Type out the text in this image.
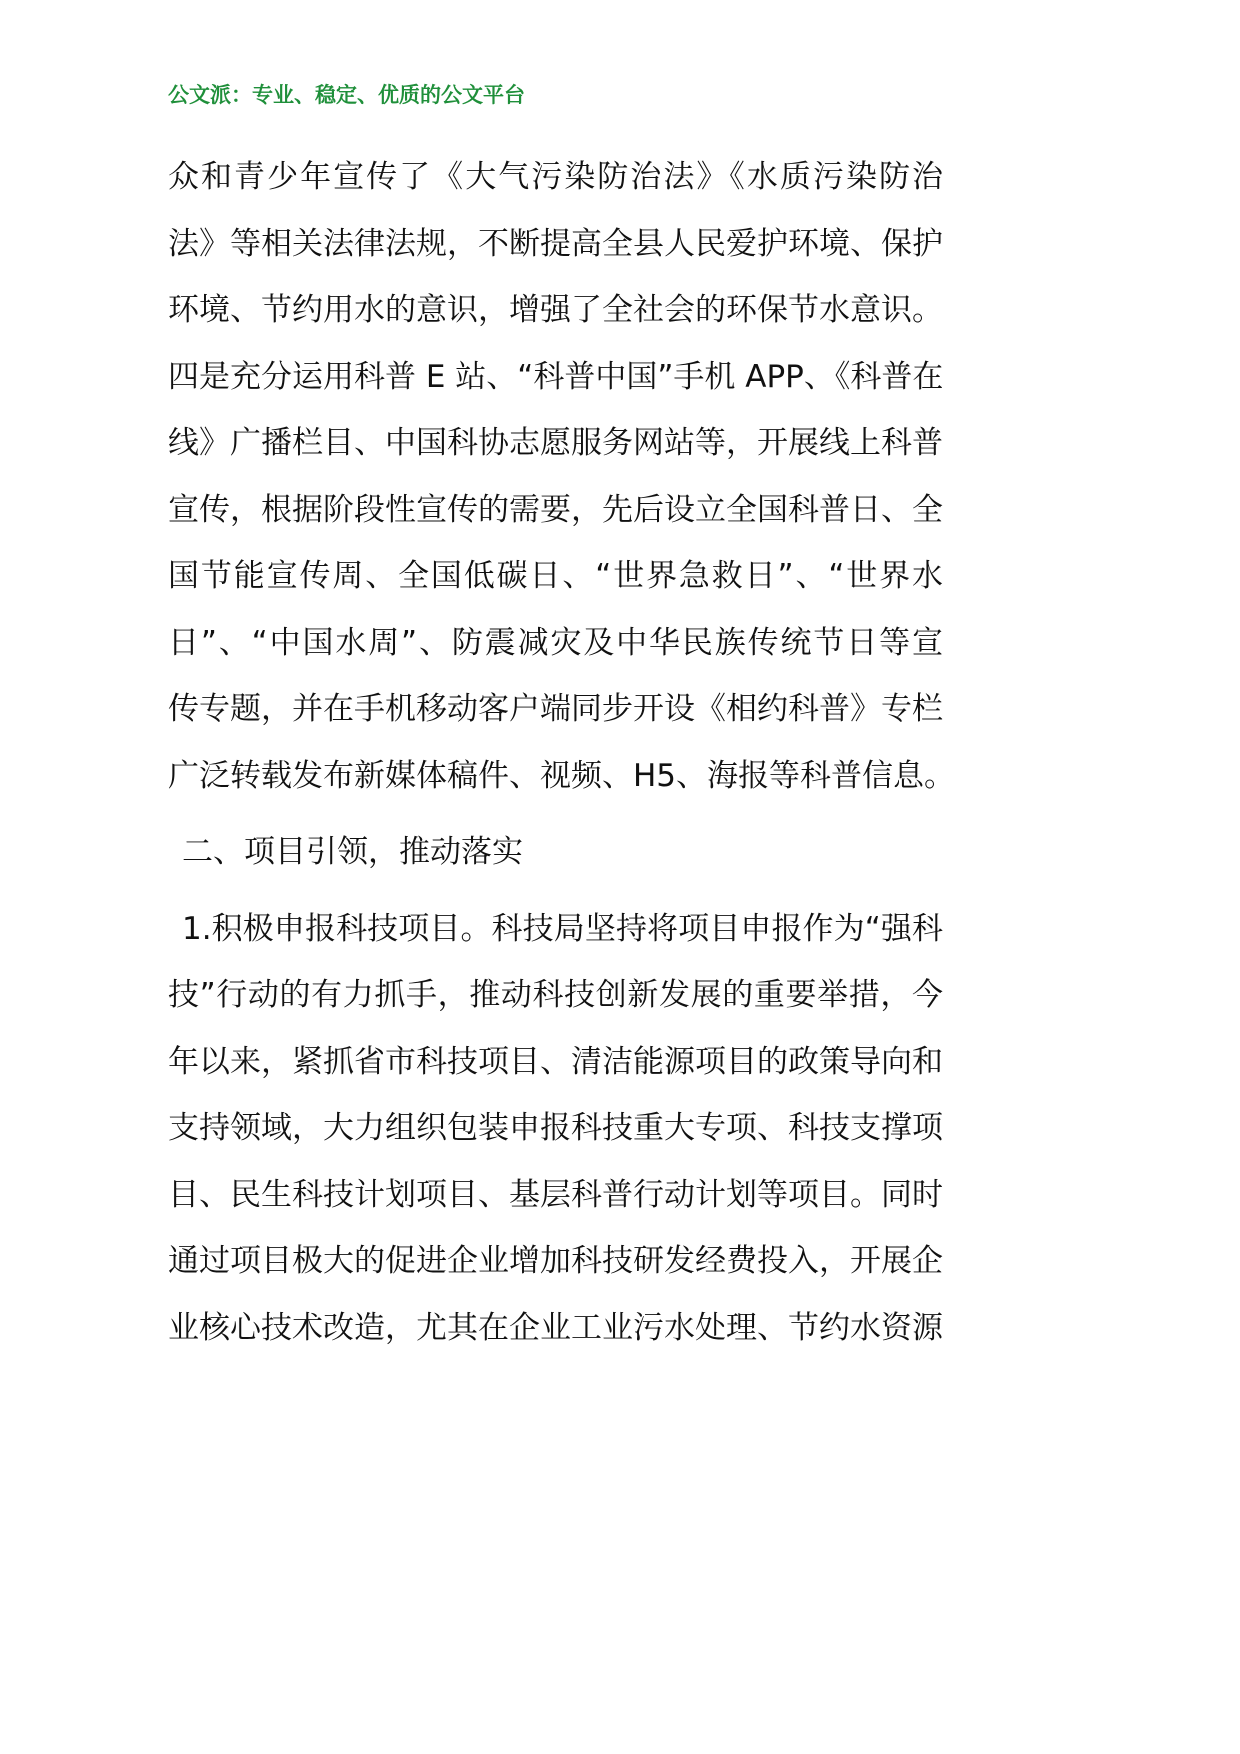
公文派：专业、稳定、优质的公文平台
众和青少年宣传了《大气污染防治法》《水质污染防治
法》等相关法律法规，不断提高全县人民爱护环境、保护
环境、节约用水的意识，增强了全社会的环保节水意识。
四是充分运用科普 E 站、“科普中国”手机 APP、《科普在
线》广播栏目、中国科协志愿服务网站等，开展线上科普
宣传，根据阶段性宣传的需要，先后设立全国科普日、全
国节能宣传周、全国低碳日、“世界急救日”、“世界水
日”、“中国水周”、防震减灾及中华民族传统节日等宣
传专题，并在手机移动客户端同步开设《相约科普》专栏
广泛转载发布新媒体稿件、视频、H5、海报等科普信息。
二、项目引领，推动落实
1.积极申报科技项目。科技局坚持将项目申报作为“强科
技”行动的有力抓手，推动科技创新发展的重要举措，今
年以来，紧抓省市科技项目、清洁能源项目的政策导向和
支持领域，大力组织包装申报科技重大专项、科技支撑项
目、民生科技计划项目、基层科普行动计划等项目。同时
通过项目极大的促进企业增加科技研发经费投入，开展企
业核心技术改造，尤其在企业工业污水处理、节约水资源
